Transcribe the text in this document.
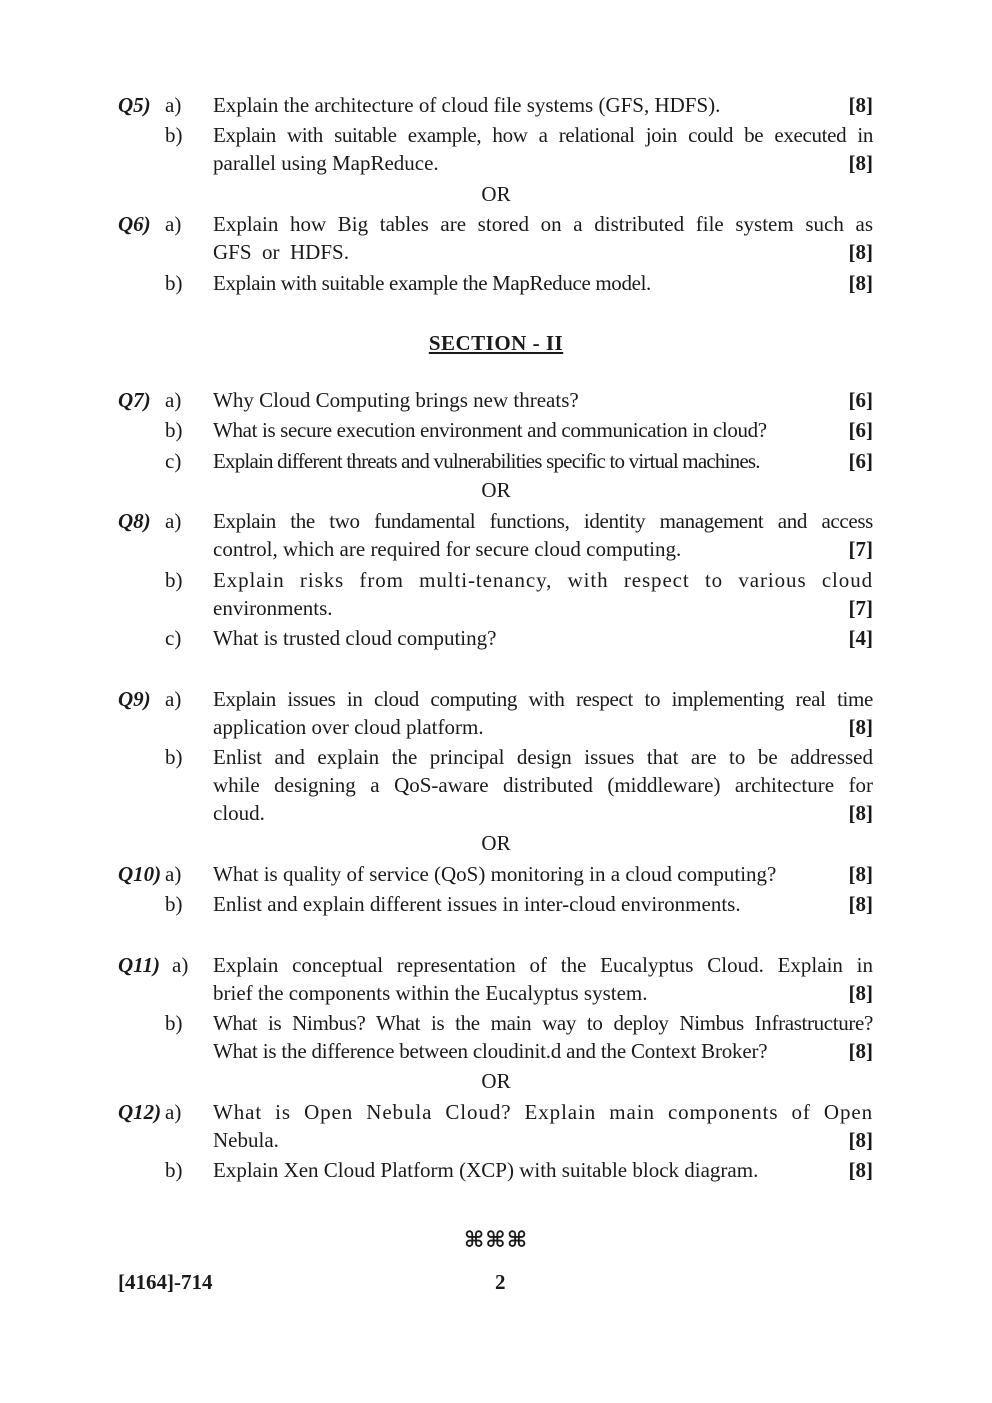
Q5) a) Explain the architecture of cloud file systems (GFS, HDFS).	[8]
b) Explain with suitable example, how a relational join could be executed in
parallel using MapReduce.	[8]
OR
Q6) a) Explain how Big tables are stored on a distributed file system such as
GFS  or  HDFS.	[8]
b) Explain with suitable example the MapReduce model.	[8]
SECTION - II
Q7) a) Why Cloud Computing brings new threats?	[6]
b) What is secure execution environment and communication in cloud?	[6]
c) Explain different threats and vulnerabilities specific to virtual machines.	[6]
OR
Q8) a) Explain the two fundamental functions, identity management and access
control, which are required for secure cloud computing.	[7]
b) Explain risks from multi-tenancy, with respect to various cloud
environments.	[7]
c) What is trusted cloud computing?	[4]
Q9) a) Explain issues in cloud computing with respect to implementing real time
application over cloud platform.	[8]
b) Enlist and explain the principal design issues that are to be addressed
while designing a QoS-aware distributed (middleware) architecture for
cloud.	[8]
OR
Q10) a) What is quality of service (QoS) monitoring in a cloud computing?	[8]
b) Enlist and explain different issues in inter-cloud environments.	[8]
Q11) a) Explain conceptual representation of the Eucalyptus Cloud. Explain in
brief the components within the Eucalyptus system.	[8]
b) What is Nimbus? What is the main way to deploy Nimbus Infrastructure?
What is the difference between cloudinit.d and the Context Broker?	[8]
OR
Q12) a) What is Open Nebula Cloud? Explain main components of Open
Nebula.	[8]
b) Explain Xen Cloud Platform (XCP) with suitable block diagram.	[8]
⌘⌘⌘
[4164]-714	2
